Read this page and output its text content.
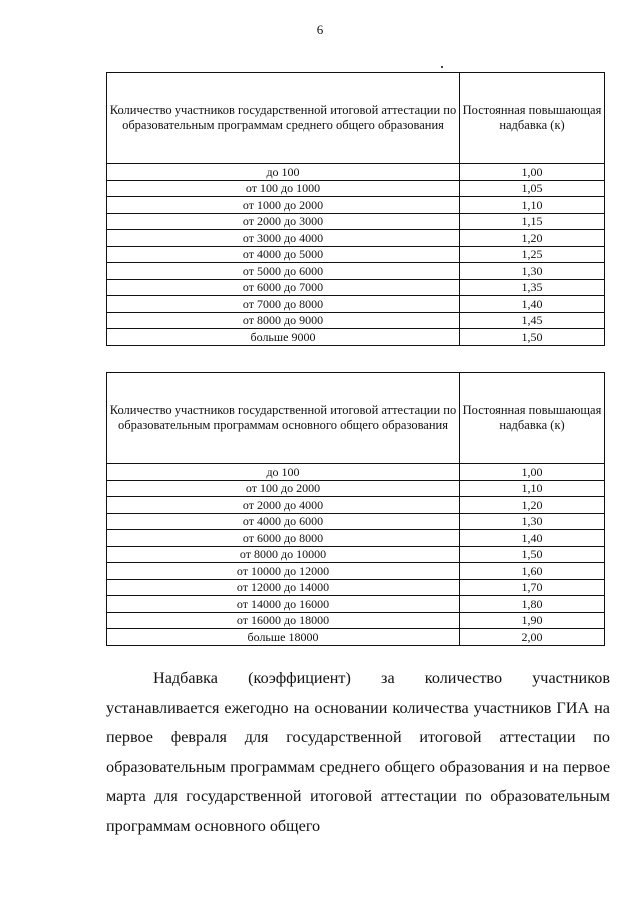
6
Количество участников государственной итоговой аттестации по образовательным программам среднего общего образования	Постоянная повышающая надбавка (к)
до 100	1,00
от 100 до 1000	1,05
от 1000 до 2000	1,10
от 2000 до 3000	1,15
от 3000 до 4000	1,20
от 4000 до 5000	1,25
от 5000 до 6000	1,30
от 6000 до 7000	1,35
от 7000 до 8000	1,40
от 8000 до 9000	1,45
больше 9000	1,50
Количество участников государственной итоговой аттестации по образовательным программам основного общего образования	Постоянная повышающая надбавка (к)
до 100	1,00
от 100 до 2000	1,10
от 2000 до 4000	1,20
от 4000 до 6000	1,30
от 6000 до 8000	1,40
от 8000 до 10000	1,50
от 10000 до 12000	1,60
от 12000 до 14000	1,70
от 14000 до 16000	1,80
от 16000 до 18000	1,90
больше 18000	2,00

Надбавка (коэффициент) за количество участников устанавливается ежегодно на основании количества участников ГИА на первое февраля для государственной итоговой аттестации по образовательным программам среднего общего образования и на первое марта для государственной итоговой аттестации по образовательным программам основного общего
